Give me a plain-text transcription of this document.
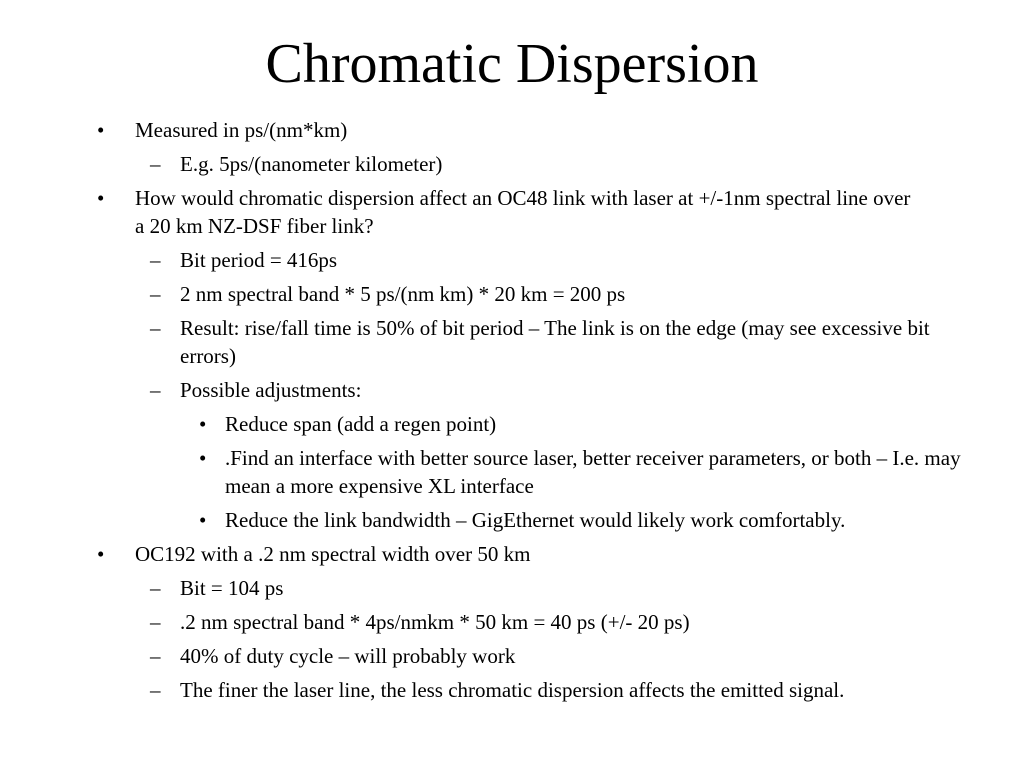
Chromatic Dispersion
• Measured in ps/(nm*km)
– E.g. 5ps/(nanometer kilometer)
• How would chromatic dispersion affect an OC48 link with laser at +/-1nm spectral line over a 20 km NZ-DSF fiber link?
– Bit period = 416ps
– 2 nm spectral band * 5 ps/(nm km) * 20 km = 200 ps
– Result: rise/fall time is 50% of bit period – The link is on the edge (may see excessive bit errors)
– Possible adjustments:
• Reduce span (add a regen point)
• .Find an interface with better source laser, better receiver parameters, or both – I.e. may mean a more expensive XL interface
• Reduce the link bandwidth – GigEthernet would likely work comfortably.
• OC192 with a .2 nm spectral width over 50 km
– Bit = 104 ps
– .2 nm spectral band * 4ps/nmkm * 50 km = 40 ps (+/- 20 ps)
– 40% of duty cycle – will probably work
– The finer the laser line, the less chromatic dispersion affects the emitted signal.
